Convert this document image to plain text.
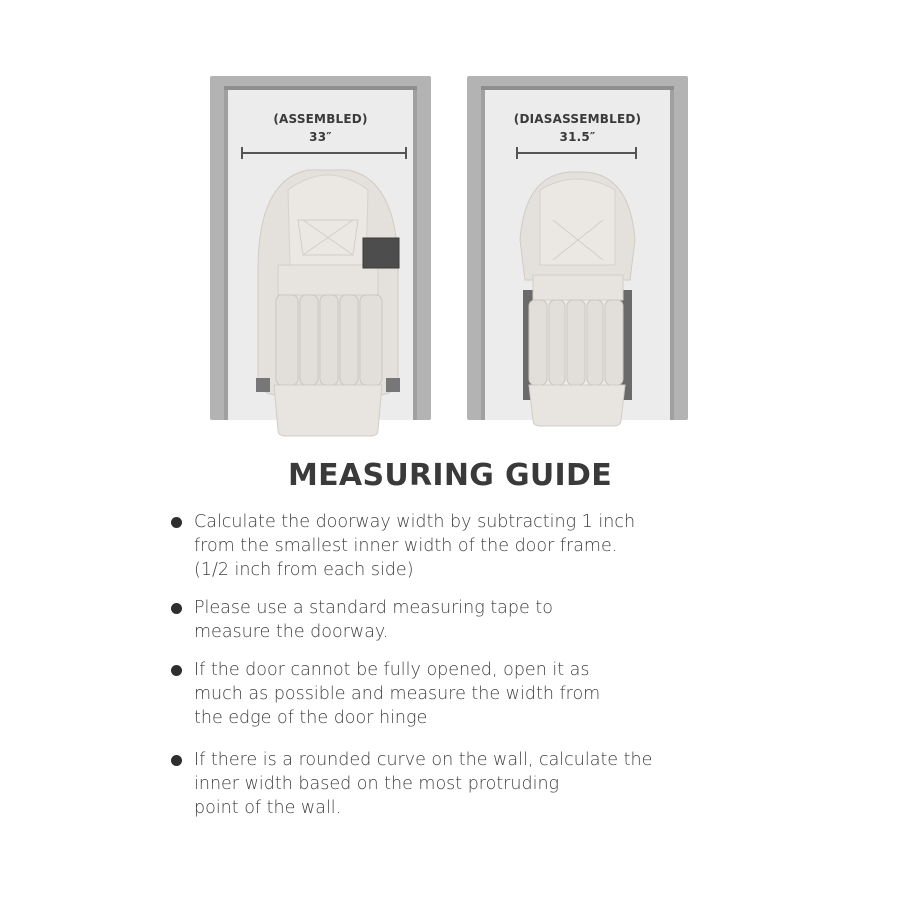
(ASSEMBLED)
33″
(DIASASSEMBLED)
31.5″
MEASURING GUIDE
Calculate the doorway width by subtracting 1 inch
from the smallest inner width of the door frame.
(1/2 inch from each side)
Please use a standard measuring tape to
measure the doorway.
If the door cannot be fully opened, open it as
much as possible and measure the width from
the edge of the door hinge
If there is a rounded curve on the wall, calculate the
inner width based on the most protruding
point of the wall.
